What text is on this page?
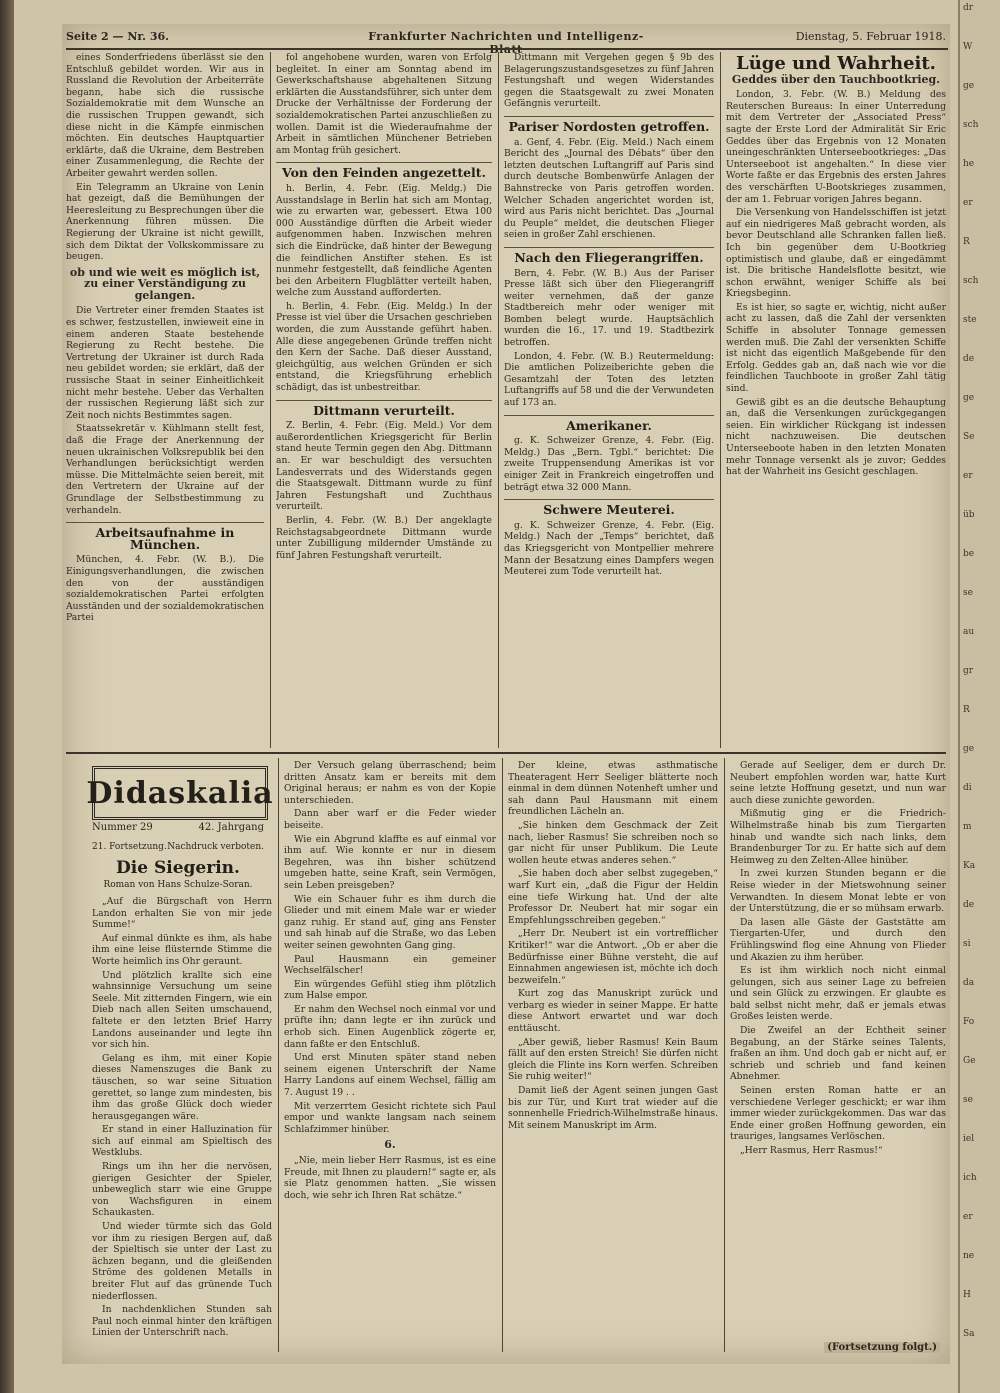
Seite 2 — Nr. 36.	Frankfurter Nachrichten und Intelligenz-	Dienstag, 5. Februar 1918.

eines Sonderfriedens überlässt sie den Entschluß gebildet worden. Wir aus in Russland die Revolution der Arbeiterräte begann, habe sich die russische Sozialdemokratie mit dem Wunsche an die russischen Truppen gewandt, sich diese nicht in die Kämpfe einmischen möchten. Ein deutsches Hauptquartier erklärte, daß die Ukraine, dem Bestreben einer Zusammenlegung, die Rechte der Arbeiter gewahrt werden sollen.

Ein Telegramm an Ukraine von Lenin hat gezeigt, daß die Bemühungen der Heeresleitung zu Besprechungen über die Anerkennung führen müssen. Die Regierung der Ukraine ist nicht gewillt, sich dem Diktat der Volkskommissare zu beugen.

ob und wie weit es möglich ist, zu einer Verständigung zu gelangen.

Die Vertreter einer fremden Staates ist es schwer, festzustellen, inwieweit eine in einem anderen Staate bestehende Regierung zu Recht bestehe. Die Vertretung der Ukrainer ist durch Rada neu gebildet worden; sie erklärt, daß der russische Staat in seiner Einheitlichkeit nicht mehr bestehe. Ueber das Verhalten der russischen Regierung läßt sich zur Zeit noch nichts Bestimmtes sagen.

Staatssekretär v. Kühlmann stellt fest, daß die Frage der Anerkennung der neuen ukrainischen Volksrepublik bei den Verhandlungen berücksichtigt werden müsse. Die Mittelmächte seien bereit, mit den Vertretern der Ukraine auf der Grundlage der Selbstbestimmung zu verhandeln.

Arbeitsaufnahme in München.

München, 4. Febr. (W. B.). Die Einigungsverhandlungen, die zwischen den von der ausständigen sozialdemokratischen Partei erfolgten Ausständen und der sozialdemokratischen Partei

fol angehobene wurden, waren von Erfolg begleitet. In einer am Sonntag abend im Gewerkschaftshause abgehaltenen Sitzung erklärten die Ausstandsführer, sich unter dem Drucke der Verhältnisse der Forderung der sozialdemokratischen Partei anzuschließen zu wollen. Damit ist die Wiederaufnahme der Arbeit in sämtlichen Münchener Betrieben am Montag früh gesichert.

Von den Feinden angezettelt.

h. Berlin, 4. Febr. (Eig. Meldg.) Die Ausstandslage in Berlin hat sich am Montag, wie zu erwarten war, gebessert. Etwa 100 000 Ausständige dürften die Arbeit wieder aufgenommen haben. Inzwischen mehren sich die Eindrücke, daß hinter der Bewegung die feindlichen Anstifter stehen. Es ist nunmehr festgestellt, daß feindliche Agenten bei den Arbeitern Flugblätter verteilt haben, welche zum Ausstand aufforderten.

h. Berlin, 4. Febr. (Eig. Meldg.) In der Presse ist viel über die Ursachen geschrieben worden, die zum Ausstande geführt haben. Alle diese angegebenen Gründe treffen nicht den Kern der Sache. Daß dieser Ausstand, gleichgültig, aus welchen Gründen er sich entstand, die Kriegsführung erheblich schädigt, das ist unbestreitbar.

Dittmann verurteilt.

Z. Berlin, 4. Febr. (Eig. Meld.) Vor dem außerordentlichen Kriegsgericht für Berlin stand heute Termin gegen den Abg. Dittmann an. Er war beschuldigt des versuchten Landesverrats und des Widerstands gegen die Staatsgewalt. Dittmann wurde zu fünf Jahren Festungshaft und Zuchthaus verurteilt.

Berlin, 4. Febr. (W. B.) Der angeklagte Reichstagsabgeordnete Dittmann wurde unter Zubilligung mildernder Umstände zu fünf Jahren Festungshaft verurteilt.

Dittmann mit Vergehen gegen § 9b des Belagerungszustandsgesetzes zu fünf Jahren Festungshaft und wegen Widerstandes gegen die Staatsgewalt zu zwei Monaten Gefängnis verurteilt.

Pariser Nordosten getroffen.

a. Genf, 4. Febr. (Eig. Meld.) Nach einem Bericht des „Journal des Débats“ über den letzten deutschen Luftangriff auf Paris sind durch deutsche Bombenwürfe Anlagen der Bahnstrecke von Paris getroffen worden. Welcher Schaden angerichtet worden ist, wird aus Paris nicht berichtet. Das „Journal du Peuple“ meldet, die deutschen Flieger seien in großer Zahl erschienen.

Nach den Fliegerangriffen.

Bern, 4. Febr. (W. B.) Aus der Pariser Presse läßt sich über den Fliegerangriff weiter vernehmen, daß der ganze Stadtbereich mehr oder weniger mit Bomben belegt wurde. Hauptsächlich wurden die 16., 17. und 19. Stadtbezirk betroffen.

London, 4. Febr. (W. B.) Reutermeldung: Die amtlichen Polizeiberichte geben die Gesamtzahl der Toten des letzten Luftangriffs auf 58 und die der Verwundeten auf 173 an.

Amerikaner.

g. K. Schweizer Grenze, 4. Febr. (Eig. Meldg.) Das „Bern. Tgbl.“ berichtet: Die zweite Truppensendung Amerikas ist vor einiger Zeit in Frankreich eingetroffen und beträgt etwa 32 000 Mann.

Schwere Meuterei.

g. K. Schweizer Grenze, 4. Febr. (Eig. Meldg.) Nach der „Temps“ berichtet, daß das Kriegsgericht von Montpellier mehrere Mann der Besatzung eines Dampfers wegen Meuterei zum Tode verurteilt hat.

Lüge und Wahrheit.
Geddes über den Tauchbootkrieg.

London, 3. Febr. (W. B.) Meldung des Reuterschen Bureaus: In einer Unterredung mit dem Vertreter der „Associated Press“ sagte der Erste Lord der Admiralität Sir Eric Geddes über das Ergebnis von 12 Monaten uneingeschränkten Unterseebootkrieges: „Das Unterseeboot ist angehalten.“ In diese vier Worte faßte er das Ergebnis des ersten Jahres des verschärften U-Bootskrieges zusammen, der am 1. Februar vorigen Jahres begann.

Die Versenkung von Handelsschiffen ist jetzt auf ein niedrigeres Maß gebracht worden, als bevor Deutschland alle Schranken fallen ließ. Ich bin gegenüber dem U-Bootkrieg optimistisch und glaube, daß er eingedämmt ist. Die britische Handelsflotte besitzt, wie schon erwähnt, weniger Schiffe als bei Kriegsbeginn.

Es ist hier, so sagte er, wichtig, nicht außer acht zu lassen, daß die Zahl der versenkten Schiffe in absoluter Tonnage gemessen werden muß. Die Zahl der versenkten Schiffe ist nicht das eigentlich Maßgebende für den Erfolg. Geddes gab an, daß nach wie vor die feindlichen Tauchboote in großer Zahl tätig sind.

Gewiß gibt es an die deutsche Behauptung an, daß die Versenkungen zurückgegangen seien. Ein wirklicher Rückgang ist indessen nicht nachzuweisen. Die deutschen Unterseeboote haben in den letzten Monaten mehr Tonnage versenkt als je zuvor; Geddes hat der Wahrheit ins Gesicht geschlagen.

Didaskalia
Nummer 29	42. Jahrgang
21. Fortsetzung. Nachdruck verboten.
Die Siegerin.
Roman von Hans Schulze-Soran.

„Auf die Bürgschaft von Herrn Landon erhalten Sie von mir jede Summe!“

Auf einmal dünkte es ihm, als habe ihm eine leise flüsternde Stimme die Worte heimlich ins Ohr geraunt.

Und plötzlich krallte sich eine wahnsinnige Versuchung um seine Seele. Mit zitternden Fingern, wie ein Dieb nach allen Seiten umschauend, faltete er den letzten Brief Harry Landons auseinander und legte ihn vor sich hin.

Gelang es ihm, mit einer Kopie dieses Namenszuges die Bank zu täuschen, so war seine Situation gerettet, so lange zum mindesten, bis ihm das große Glück doch wieder herausgegangen wäre.

Er stand in einer Halluzination für sich auf einmal am Spieltisch des Westklubs.

Rings um ihn her die nervösen, gierigen Gesichter der Spieler, unbeweglich starr wie eine Gruppe von Wachsfiguren in einem Schaukasten.

Und wieder türmte sich das Gold vor ihm zu riesigen Bergen auf, daß der Spieltisch sie unter der Last zu ächzen begann, und die gleißenden Ströme des goldenen Metalls in breiter Flut auf das grünende Tuch niederflossen.

In nachdenklichen Stunden sah Paul noch einmal hinter den kräftigen Linien der Unterschrift nach.

Der Versuch gelang überraschend; beim dritten Ansatz kam er bereits mit dem Original heraus; er nahm es von der Kopie unterschieden.

Dann aber warf er die Feder wieder beiseite.

Wie ein Abgrund klaffte es auf einmal vor ihm auf. Wie konnte er nur in diesem Begehren, was ihn bisher schützend umgeben hatte, seine Kraft, sein Vermögen, sein Leben preisgeben?

Wie ein Schauer fuhr es ihm durch die Glieder und mit einem Male war er wieder ganz ruhig. Er stand auf, ging ans Fenster und sah hinab auf die Straße, wo das Leben weiter seinen gewohnten Gang ging.

Paul Hausmann ein gemeiner Wechselfälscher!

Ein würgendes Gefühl stieg ihm plötzlich zum Halse empor.

Er nahm den Wechsel noch einmal vor und prüfte ihn; dann legte er ihn zurück und erhob sich. Einen Augenblick zögerte er, dann faßte er den Entschluß.

Und erst Minuten später stand neben seinem eigenen Unterschrift der Name Harry Landons auf einem Wechsel, fällig am 7. August 19 . .

Mit verzerrtem Gesicht richtete sich Paul empor und wankte langsam nach seinem Schlafzimmer hinüber.

6.

„Nie, mein lieber Herr Rasmus, ist es eine Freude, mit Ihnen zu plaudern!“ sagte er, als sie Platz genommen hatten. „Sie wissen doch, wie sehr ich Ihren Rat schätze.“

Der kleine, etwas asthmatische Theateragent Herr Seeliger blätterte noch einmal in dem dünnen Notenheft umher und sah dann Paul Hausmann mit einem freundlichen Lächeln an.

„Sie hinken dem Geschmack der Zeit nach, lieber Rasmus! Sie schreiben noch so gar nicht für unser Publikum. Die Leute wollen heute etwas anderes sehen.“

„Sie haben doch aber selbst zugegeben,“ warf Kurt ein, „daß die Figur der Heldin eine tiefe Wirkung hat. Und der alte Professor Dr. Neubert hat mir sogar ein Empfehlungsschreiben gegeben.“

„Herr Dr. Neubert ist ein vortrefflicher Kritiker!“ war die Antwort. „Ob er aber die Bedürfnisse einer Bühne versteht, die auf Einnahmen angewiesen ist, möchte ich doch bezweifeln.“

Kurt zog das Manuskript zurück und verbarg es wieder in seiner Mappe. Er hatte diese Antwort erwartet und war doch enttäuscht.

„Aber gewiß, lieber Rasmus! Kein Baum fällt auf den ersten Streich! Sie dürfen nicht gleich die Flinte ins Korn werfen. Schreiben Sie ruhig weiter!“

Damit ließ der Agent seinen jungen Gast bis zur Tür, und Kurt trat wieder auf die sonnenhelle Friedrich-Wilhelmstraße hinaus. Mit seinem Manuskript im Arm.

Gerade auf Seeliger, dem er durch Dr. Neubert empfohlen worden war, hatte Kurt seine letzte Hoffnung gesetzt, und nun war auch diese zunichte geworden.

Mißmutig ging er die Friedrich-Wilhelmstraße hinab bis zum Tiergarten hinab und wandte sich nach links, dem Brandenburger Tor zu. Er hatte sich auf dem Heimweg zu den Zelten-Allee hinüber.

In zwei kurzen Stunden begann er die Reise wieder in der Mietswohnung seiner Verwandten. In diesem Monat lebte er von der Unterstützung, die er so mühsam erwarb.

Da lasen alle Gäste der Gaststätte am Tiergarten-Ufer, und durch den Frühlingswind flog eine Ahnung von Flieder und Akazien zu ihm herüber.

Es ist ihm wirklich noch nicht einmal gelungen, sich aus seiner Lage zu befreien und sein Glück zu erzwingen. Er glaubte es bald selbst nicht mehr, daß er jemals etwas Großes leisten werde.

Die Zweifel an der Echtheit seiner Begabung, an der Stärke seines Talents, fraßen an ihm. Und doch gab er nicht auf, er schrieb und schrieb und fand keinen Abnehmer.

Seinen ersten Roman hatte er an verschiedene Verleger geschickt; er war ihm immer wieder zurückgekommen. Das war das Ende einer großen Hoffnung geworden, ein trauriges, langsames Verlöschen.

„Herr Rasmus, Herr Rasmus!“

(Fortsetzung folgt.)
dr
W
ge
sch
he
er
R
sch
ste
de
ge
Se
er
üb
be
se
au
gr
R
ge
di
m
Ka
de
si
da
Fo
Ge
se
iel
ich
er
ne
H
Sa
